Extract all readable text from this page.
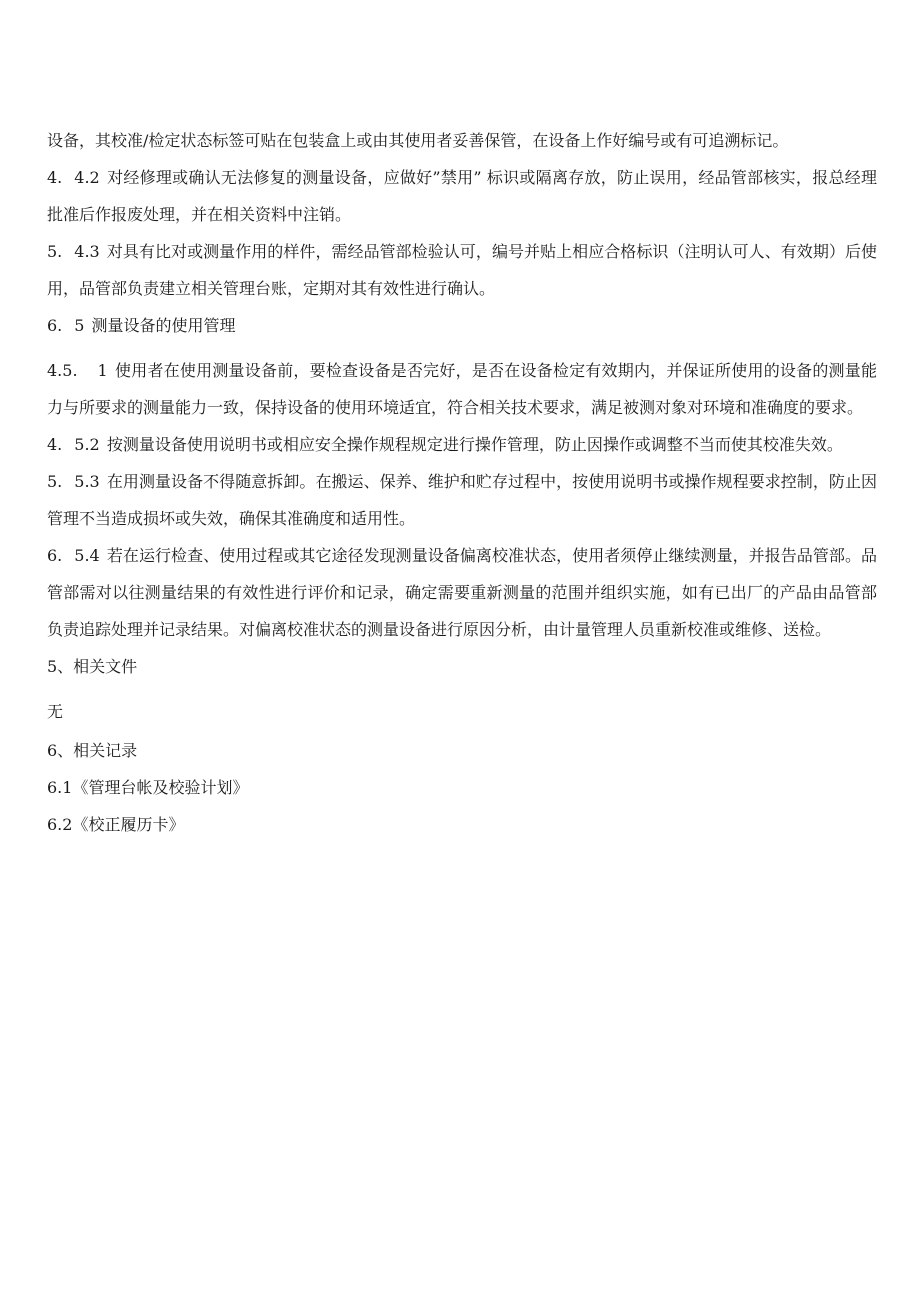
设备，其校准/检定状态标签可贴在包装盒上或由其使用者妥善保管，在设备上作好编号或有可追溯标记。

4. 4.2 对经修理或确认无法修复的测量设备，应做好”禁用” 标识或隔离存放，防止误用，经品管部核实，报总经理批准后作报废处理，并在相关资料中注销。

5. 4.3 对具有比对或测量作用的样件，需经品管部检验认可，编号并贴上相应合格标识（注明认可人、有效期）后使用，品管部负责建立相关管理台账，定期对其有效性进行确认。

6. 5 测量设备的使用管理

4.5. 1 使用者在使用测量设备前，要检查设备是否完好，是否在设备检定有效期内，并保证所使用的设备的测量能力与所要求的测量能力一致，保持设备的使用环境适宜，符合相关技术要求，满足被测对象对环境和准确度的要求。

4. 5.2 按测量设备使用说明书或相应安全操作规程规定进行操作管理，防止因操作或调整不当而使其校准失效。

5. 5.3 在用测量设备不得随意拆卸。在搬运、保养、维护和贮存过程中，按使用说明书或操作规程要求控制，防止因管理不当造成损坏或失效，确保其准确度和适用性。

6. 5.4 若在运行检查、使用过程或其它途径发现测量设备偏离校准状态，使用者须停止继续测量，并报告品管部。品管部需对以往测量结果的有效性进行评价和记录，确定需要重新测量的范围并组织实施，如有已出厂的产品由品管部负责追踪处理并记录结果。对偏离校准状态的测量设备进行原因分析，由计量管理人员重新校准或维修、送检。

5、相关文件

无

6、相关记录

6.1《管理台帐及校验计划》

6.2《校正履历卡》
